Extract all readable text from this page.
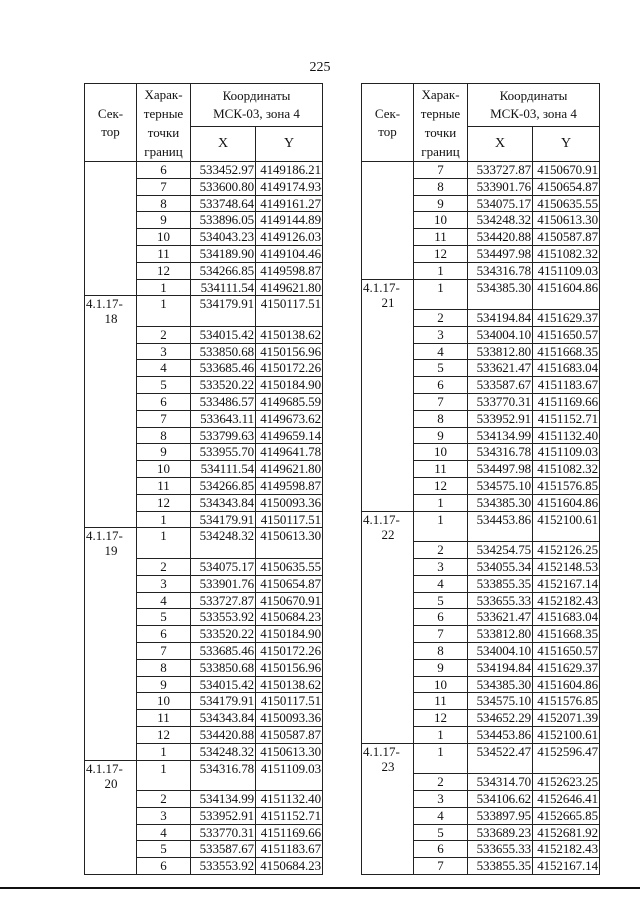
225
Сек-
тор	Харак-
терные
точки
границ	Координаты
МСК-03, зона 4	

		X	Y
	6	533452.97	4149186.21
	7	533600.80	4149174.93
	8	533748.64	4149161.27
	9	533896.05	4149144.89
	10	534043.23	4149126.03
	11	534189.90	4149104.46
	12	534266.85	4149598.87
	1	534111.54	4149621.80

4.1.17-
18	1	534179.91	4150117.51
	2	534015.42	4150138.62
	3	533850.68	4150156.96
	4	533685.46	4150172.26
	5	533520.22	4150184.90
	6	533486.57	4149685.59
	7	533643.11	4149673.62
	8	533799.63	4149659.14
	9	533955.70	4149641.78
	10	534111.54	4149621.80
	11	534266.85	4149598.87
	12	534343.84	4150093.36
	1	534179.91	4150117.51

4.1.17-
19	1	534248.32	4150613.30
	2	534075.17	4150635.55
	3	533901.76	4150654.87
	4	533727.87	4150670.91
	5	533553.92	4150684.23
	6	533520.22	4150184.90
	7	533685.46	4150172.26
	8	533850.68	4150156.96
	9	534015.42	4150138.62
	10	534179.91	4150117.51
	11	534343.84	4150093.36
	12	534420.88	4150587.87
	1	534248.32	4150613.30

4.1.17-
20	1	534316.78	4151109.03
	2	534134.99	4151132.40
	3	533952.91	4151152.71
	4	533770.31	4151169.66
	5	533587.67	4151183.67
	6	533553.92	4150684.23
Сек-
тор	Харак-
терные
точки
границ	Координаты
МСК-03, зона 4	

		X	Y
	7	533727.87	4150670.91
	8	533901.76	4150654.87
	9	534075.17	4150635.55
	10	534248.32	4150613.30
	11	534420.88	4150587.87
	12	534497.98	4151082.32
	1	534316.78	4151109.03

4.1.17-
21	1	534385.30	4151604.86
	2	534194.84	4151629.37
	3	534004.10	4151650.57
	4	533812.80	4151668.35
	5	533621.47	4151683.04
	6	533587.67	4151183.67
	7	533770.31	4151169.66
	8	533952.91	4151152.71
	9	534134.99	4151132.40
	10	534316.78	4151109.03
	11	534497.98	4151082.32
	12	534575.10	4151576.85
	1	534385.30	4151604.86

4.1.17-
22	1	534453.86	4152100.61
	2	534254.75	4152126.25
	3	534055.34	4152148.53
	4	533855.35	4152167.14
	5	533655.33	4152182.43
	6	533621.47	4151683.04
	7	533812.80	4151668.35
	8	534004.10	4151650.57
	9	534194.84	4151629.37
	10	534385.30	4151604.86
	11	534575.10	4151576.85
	12	534652.29	4152071.39
	1	534453.86	4152100.61

4.1.17-
23	1	534522.47	4152596.47
	2	534314.70	4152623.25
	3	534106.62	4152646.41
	4	533897.95	4152665.85
	5	533689.23	4152681.92
	6	533655.33	4152182.43
	7	533855.35	4152167.14
